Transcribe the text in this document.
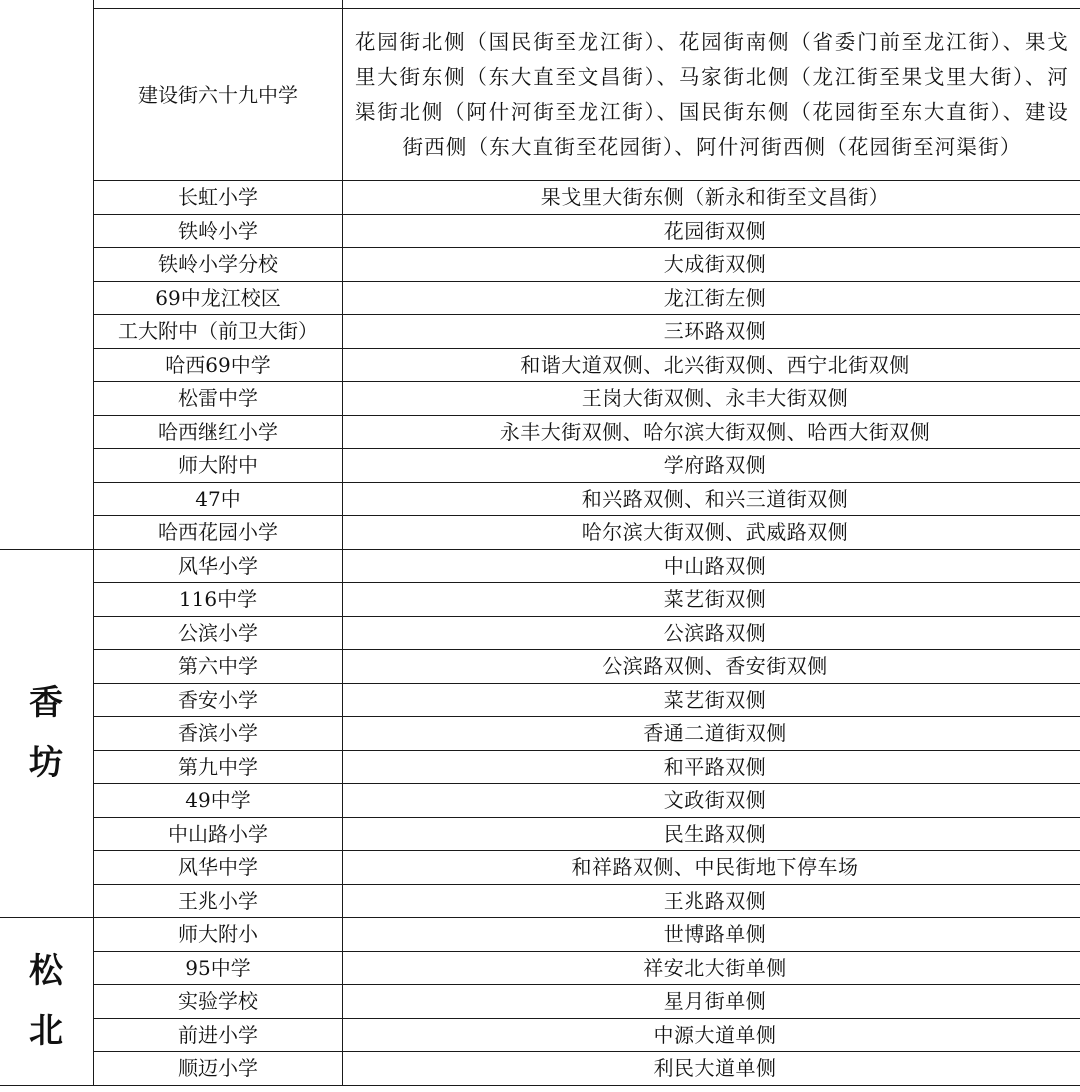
	建设街六十九中学	花园街北侧（国民街至龙江街）、花园街南侧（省委门前至龙江街）、果戈里大街东侧（东大直至文昌街）、马家街北侧（龙江街至果戈里大街）、河渠街北侧（阿什河街至龙江街）、国民街东侧（花园街至东大直街）、建设街西侧（东大直街至花园街）、阿什河街西侧（花园街至河渠街）
	长虹小学	果戈里大街东侧（新永和街至文昌街）
	铁岭小学	花园街双侧
	铁岭小学分校	大成街双侧
	69中龙江校区	龙江街左侧
	工大附中（前卫大街）	三环路双侧
	哈西69中学	和谐大道双侧、北兴街双侧、西宁北街双侧
	松雷中学	王岗大街双侧、永丰大街双侧
	哈西继红小学	永丰大街双侧、哈尔滨大街双侧、哈西大街双侧
	师大附中	学府路双侧
	47中	和兴路双侧、和兴三道街双侧
	哈西花园小学	哈尔滨大街双侧、武威路双侧

香
坊	风华小学	中山路双侧
	116中学	菜艺街双侧
	公滨小学	公滨路双侧
	第六中学	公滨路双侧、香安街双侧
	香安小学	菜艺街双侧
	香滨小学	香通二道街双侧
	第九中学	和平路双侧
	49中学	文政街双侧
	中山路小学	民生路双侧
	风华中学	和祥路双侧、中民街地下停车场
	王兆小学	王兆路双侧

松
北	师大附小	世博路单侧
	95中学	祥安北大街单侧
	实验学校	星月街单侧
	前进小学	中源大道单侧
	顺迈小学	利民大道单侧
